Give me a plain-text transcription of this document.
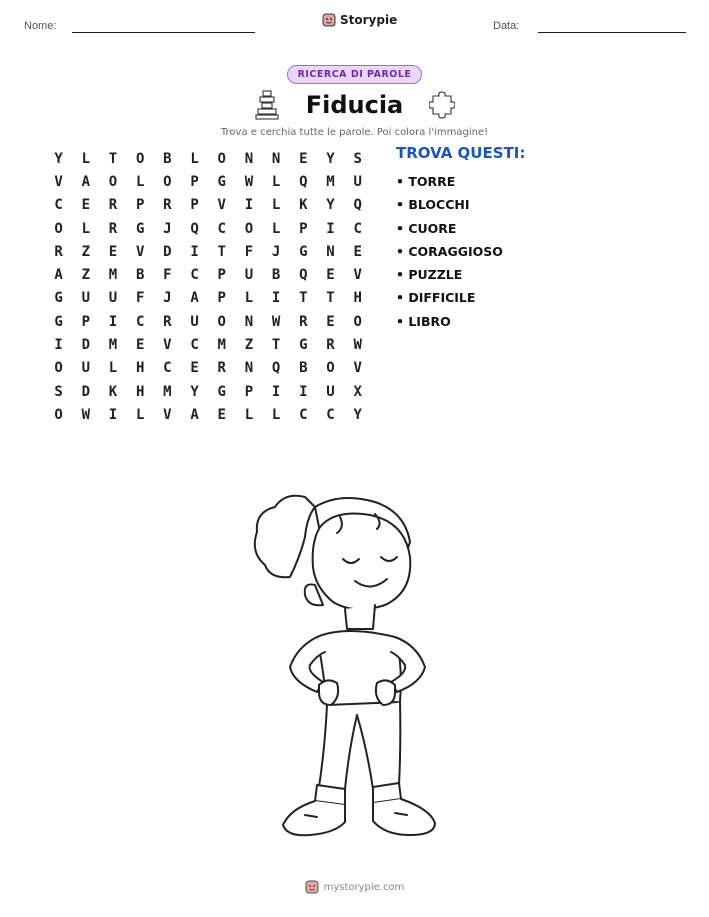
Nome:	Storypie	Data:
RICERCA DI PAROLE
Fiducia
Trova e cerchia tutte le parole. Poi colora l'immagine!
Y	L	T	O	B	L	O	N	N	E	Y	S
V	A	O	L	O	P	G	W	L	Q	M	U
C	E	R	P	R	P	V	I	L	K	Y	Q
O	L	R	G	J	Q	C	O	L	P	I	C
R	Z	E	V	D	I	T	F	J	G	N	E
A	Z	M	B	F	C	P	U	B	Q	E	V
G	U	U	F	J	A	P	L	I	T	T	H
G	P	I	C	R	U	O	N	W	R	E	O
I	D	M	E	V	C	M	Z	T	G	R	W
O	U	L	H	C	E	R	N	Q	B	O	V
S	D	K	H	M	Y	G	P	I	I	U	X
O	W	I	L	V	A	E	L	L	C	C	Y
TROVA QUESTI:
• TORRE
• BLOCCHI
• CUORE
• CORAGGIOSO
• PUZZLE
• DIFFICILE
• LIBRO
mystorypie.com
